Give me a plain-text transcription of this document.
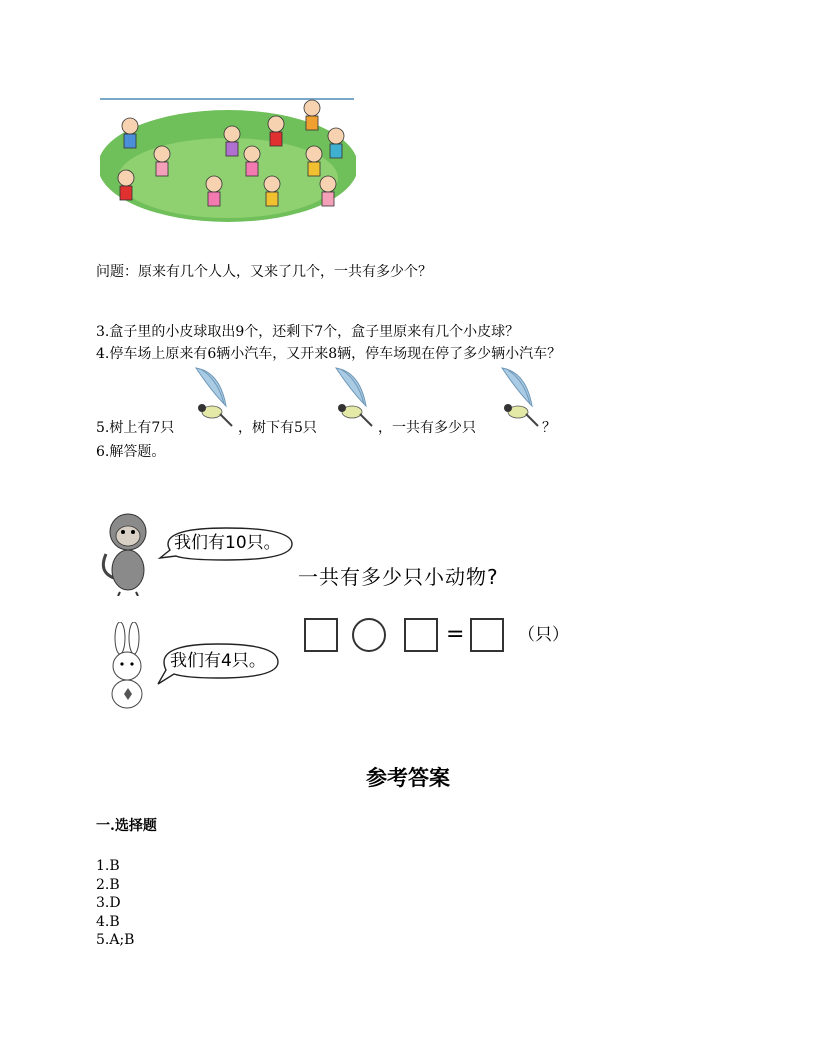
问题：原来有几个人人，又来了几个，一共有多少个？
3.盒子里的小皮球取出9个，还剩下7个，盒子里原来有几个小皮球？
4.停车场上原来有6辆小汽车，又开来8辆，停车场现在停了多少辆小汽车？
5.树上有7只	，树下有5只	，一共有多少只	？
6.解答题。
我们有10只。
一共有多少只小动物?
=	（只）
我们有4只。
参考答案
一.选择题
1.B
2.B
3.D
4.B
5.A;B
